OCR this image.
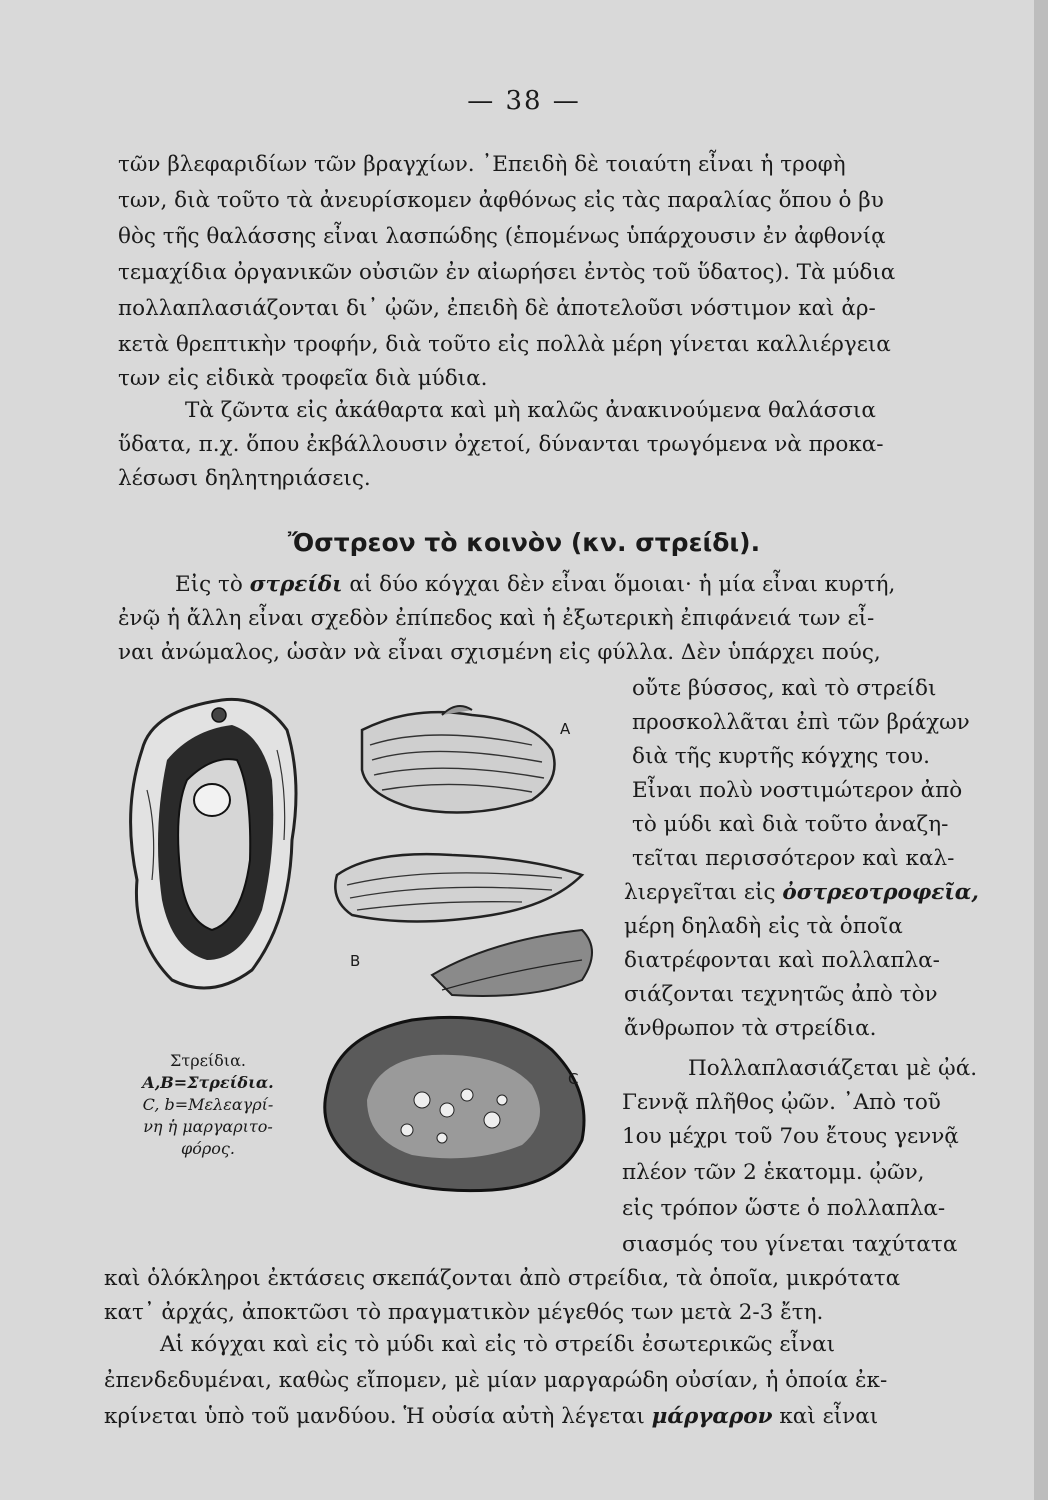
— 38 —
τῶν βλεφαριδίων τῶν βραγχίων. ᾿Επειδὴ δὲ τοιαύτη εἶναι ἡ τροφὴ
των, διὰ τοῦτο τὰ ἀνευρίσκομεν ἀφθόνως εἰς τὰς παραλίας ὅπου ὁ βυ
θὸς τῆς θαλάσσης εἶναι λασπώδης (ἑπομένως ὑπάρχουσιν ἐν ἀφθονίᾳ
τεμαχίδια ὀργανικῶν οὐσιῶν ἐν αἰωρήσει ἐντὸς τοῦ ὕδατος). Τὰ μύδια
πολλαπλασιάζονται δι᾽ ᾠῶν, ἐπειδὴ δὲ ἀποτελοῦσι νόστιμον καὶ ἀρ-
κετὰ θρεπτικὴν τροφήν, διὰ τοῦτο εἰς πολλὰ μέρη γίνεται καλλιέργεια
των εἰς εἰδικὰ τροφεῖα διὰ μύδια.
Τὰ ζῶντα εἰς ἀκάθαρτα καὶ μὴ καλῶς ἀνακινούμενα θαλάσσια
ὕδατα, π.χ. ὅπου ἐκβάλλουσιν ὀχετοί, δύνανται τρωγόμενα νὰ προκα-
λέσωσι δηλητηριάσεις.
Ὄστρεον τὸ κοινὸν (κν. στρείδι).
Εἰς τὸ στρείδι αἱ δύο κόγχαι δὲν εἶναι ὅμοιαι· ἡ μία εἶναι κυρτή,
ἐνῷ ἡ ἄλλη εἶναι σχεδὸν ἐπίπεδος καὶ ἡ ἐξωτερικὴ ἐπιφάνειά των εἶ-
ναι ἀνώμαλος, ὡσὰν νὰ εἶναι σχισμένη εἰς φύλλα. Δὲν ὑπάρχει πούς,
οὔτε βύσσος, καὶ τὸ στρείδι
προσκολλᾶται ἐπὶ τῶν βράχων
διὰ τῆς κυρτῆς κόγχης του.
Εἶναι πολὺ νοστιμώτερον ἀπὸ
τὸ μύδι καὶ διὰ τοῦτο ἀναζη-
τεῖται περισσότερον καὶ καλ-
λιεργεῖται εἰς ὀστρεοτροφεῖα,
μέρη δηλαδὴ εἰς τὰ ὁποῖα
διατρέφονται καὶ πολλαπλα-
σιάζονται τεχνητῶς ἀπὸ τὸν
ἄνθρωπον τὰ στρείδια.
Πολλαπλασιάζεται μὲ ᾠά.
Γεννᾷ πλῆθος ᾠῶν. ᾿Απὸ τοῦ
1ου μέχρι τοῦ 7ου ἔτους γεννᾷ
πλέον τῶν 2 ἑκατομμ. ᾠῶν,
εἰς τρόπον ὥστε ὁ πολλαπλα-
σιασμός του γίνεται ταχύτατα
καὶ ὁλόκληροι ἐκτάσεις σκεπάζονται ἀπὸ στρείδια, τὰ ὁποῖα, μικρότατα
κατ᾽ ἀρχάς, ἀποκτῶσι τὸ πραγματικὸν μέγεθός των μετὰ 2-3 ἔτη.
Αἱ κόγχαι καὶ εἰς τὸ μύδι καὶ εἰς τὸ στρείδι ἐσωτερικῶς εἶναι
ἐπενδεδυμέναι, καθὼς εἴπομεν, μὲ μίαν μαργαρώδη οὐσίαν, ἡ ὁποία ἐκ-
κρίνεται ὑπὸ τοῦ μανδύου. Ἡ οὐσία αὐτὴ λέγεται μάργαρον καὶ εἶναι
A
B
C
Στρείδια.
A,B=Στρείδια.
C, b=Μελεαγρί-
νη ἡ μαργαριτο-
φόρος.
